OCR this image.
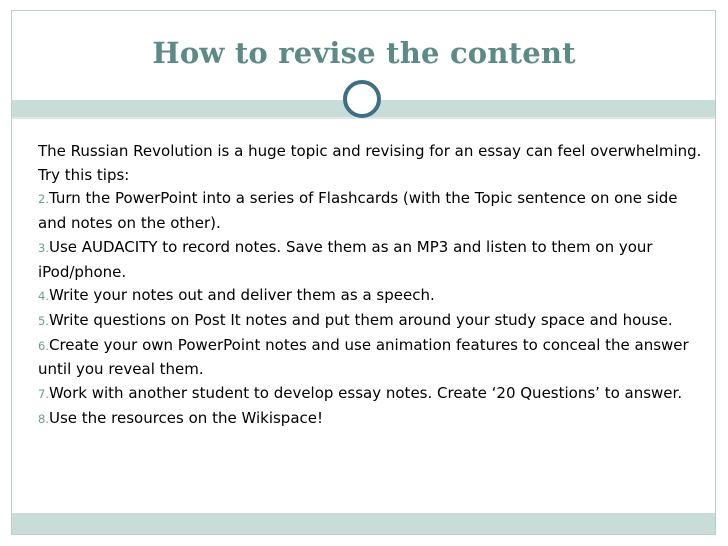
How to revise the content

The Russian Revolution is a huge topic and revising for an essay can feel overwhelming. Try this tips:

2.Turn the PowerPoint into a series of Flashcards (with the Topic sentence on one side and notes on the other).

3.Use AUDACITY to record notes. Save them as an MP3 and listen to them on your iPod/phone.

4.Write your notes out and deliver them as a speech.

5.Write questions on Post It notes and put them around your study space and house.

6.Create your own PowerPoint notes and use animation features to conceal the answer until you reveal them.

7.Work with another student to develop essay notes. Create ‘20 Questions’ to answer.

8.Use the resources on the Wikispace!
